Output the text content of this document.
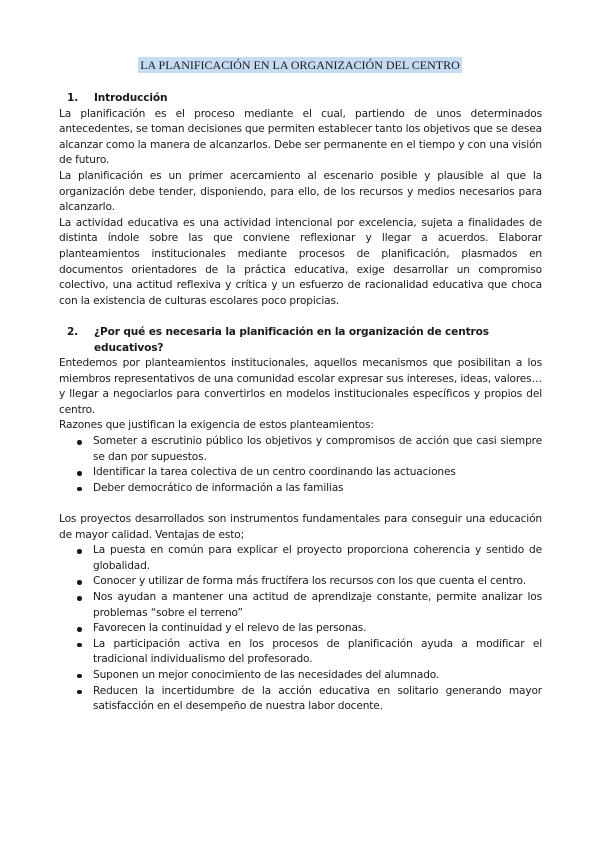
LA PLANIFICACIÓN EN LA ORGANIZACIÓN DEL CENTRO
1. Introducción

La planificación es el proceso mediante el cual, partiendo de unos determinados antecedentes, se toman decisiones que permiten establecer tanto los objetivos que se desea alcanzar como la manera de alcanzarlos. Debe ser permanente en el tiempo y con una visión de futuro.

La planificación es un primer acercamiento al escenario posible y plausible al que la organización debe tender, disponiendo, para ello, de los recursos y medios necesarios para alcanzarlo.

La actividad educativa es una actividad intencional por excelencia, sujeta a finalidades de distinta índole sobre las que conviene reflexionar y llegar a acuerdos. Elaborar planteamientos institucionales mediante procesos de planificación, plasmados en documentos orientadores de la práctica educativa, exige desarrollar un compromiso colectivo, una actitud reflexiva y crítica y un esfuerzo de racionalidad educativa que choca con la existencia de culturas escolares poco propicias.

2. ¿Por qué es necesaria la planificación en la organización de centros educativos?

Entedemos por planteamientos institucionales, aquellos mecanismos que posibilitan a los miembros representativos de una comunidad escolar expresar sus intereses, ideas, valores… y llegar a negociarlos para convertirlos en modelos institucionales específicos y propios del centro.

Razones que justifican la exigencia de estos planteamientos:

Someter a escrutinio público los objetivos y compromisos de acción que casi siempre se dan por supuestos.
Identificar la tarea colectiva de un centro coordinando las actuaciones
Deber democrático de información a las familias

Los proyectos desarrollados son instrumentos fundamentales para conseguir una educación de mayor calidad. Ventajas de esto;

La puesta en común para explicar el proyecto proporciona coherencia y sentido de globalidad.
Conocer y utilizar de forma más fructífera los recursos con los que cuenta el centro.
Nos ayudan a mantener una actitud de aprendizaje constante, permite analizar los problemas “sobre el terreno”
Favorecen la continuidad y el relevo de las personas.
La participación activa en los procesos de planificación ayuda a modificar el tradicional individualismo del profesorado.
Suponen un mejor conocimiento de las necesidades del alumnado.
Reducen la incertidumbre de la acción educativa en solitario generando mayor satisfacción en el desempeño de nuestra labor docente.
